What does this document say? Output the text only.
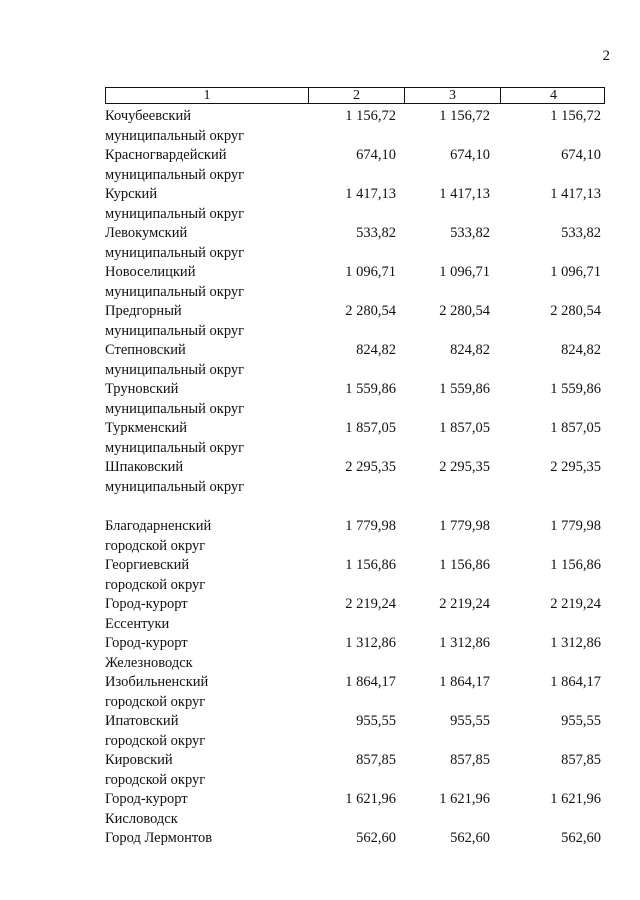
2
1	2	3	4
Кочубеевский
муниципальный округ
1 156,72	1 156,72	1 156,72
Красногвардейский
муниципальный округ
674,10	674,10	674,10
Курский
муниципальный округ
1 417,13	1 417,13	1 417,13
Левокумский
муниципальный округ
533,82	533,82	533,82
Новоселицкий
муниципальный округ
1 096,71	1 096,71	1 096,71
Предгорный
муниципальный округ
2 280,54	2 280,54	2 280,54
Степновский
муниципальный округ
824,82	824,82	824,82
Труновский
муниципальный округ
1 559,86	1 559,86	1 559,86
Туркменский
муниципальный округ
1 857,05	1 857,05	1 857,05
Шпаковский
муниципальный округ
2 295,35	2 295,35	2 295,35
Благодарненский
городской округ
1 779,98	1 779,98	1 779,98
Георгиевский
городской округ
1 156,86	1 156,86	1 156,86
Город-курорт
Ессентуки
2 219,24	2 219,24	2 219,24
Город-курорт
Железноводск
1 312,86	1 312,86	1 312,86
Изобильненский
городской округ
1 864,17	1 864,17	1 864,17
Ипатовский
городской округ
955,55	955,55	955,55
Кировский
городской округ
857,85	857,85	857,85
Город-курорт
Кисловодск
1 621,96	1 621,96	1 621,96
Город Лермонтов	562,60	562,60	562,60
